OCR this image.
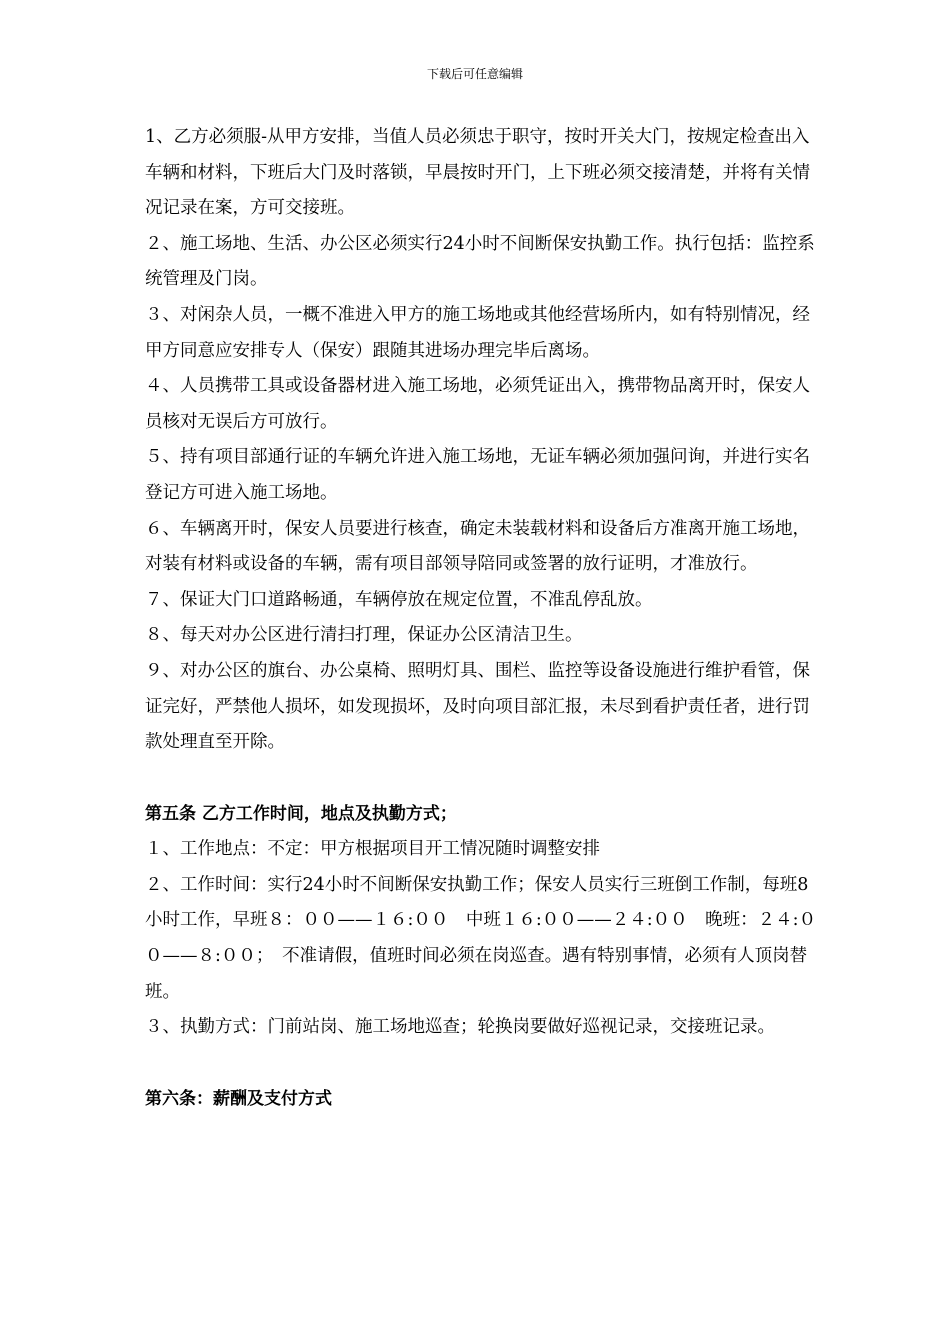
下载后可任意编辑

1、乙方必须服-从甲方安排，当值人员必须忠于职守，按时开关大门，按规定检查出入车辆和材料，下班后大门及时落锁，早晨按时开门，上下班必须交接清楚，并将有关情况记录在案，方可交接班。

２、施工场地、生活、办公区必须实行24小时不间断保安执勤工作。执行包括：监控系统管理及门岗。

３、对闲杂人员，一概不准进入甲方的施工场地或其他经营场所内，如有特别情况，经甲方同意应安排专人（保安）跟随其进场办理完毕后离场。

４、人员携带工具或设备器材进入施工场地，必须凭证出入，携带物品离开时，保安人员核对无误后方可放行。

５、持有项目部通行证的车辆允许进入施工场地，无证车辆必须加强问询，并进行实名登记方可进入施工场地。

６、车辆离开时，保安人员要进行核查，确定未装载材料和设备后方准离开施工场地，对装有材料或设备的车辆，需有项目部领导陪同或签署的放行证明，才准放行。

７、保证大门口道路畅通，车辆停放在规定位置，不准乱停乱放。

８、每天对办公区进行清扫打理，保证办公区清洁卫生。

９、对办公区的旗台、办公桌椅、照明灯具、围栏、监控等设备设施进行维护看管，保证完好，严禁他人损坏，如发现损坏，及时向项目部汇报，未尽到看护责任者，进行罚款处理直至开除。

第五条 乙方工作时间，地点及执勤方式；

１、工作地点：不定：甲方根据项目开工情况随时调整安排

２、工作时间：实行24小时不间断保安执勤工作；保安人员实行三班倒工作制，每班8小时工作，早班８：００——１６:００　中班１６:００——２４:００　晚班：２４:００——８:００；　不准请假，值班时间必须在岗巡查。遇有特别事情，必须有人顶岗替班。

３、执勤方式：门前站岗、施工场地巡查；轮换岗要做好巡视记录，交接班记录。

第六条：薪酬及支付方式
